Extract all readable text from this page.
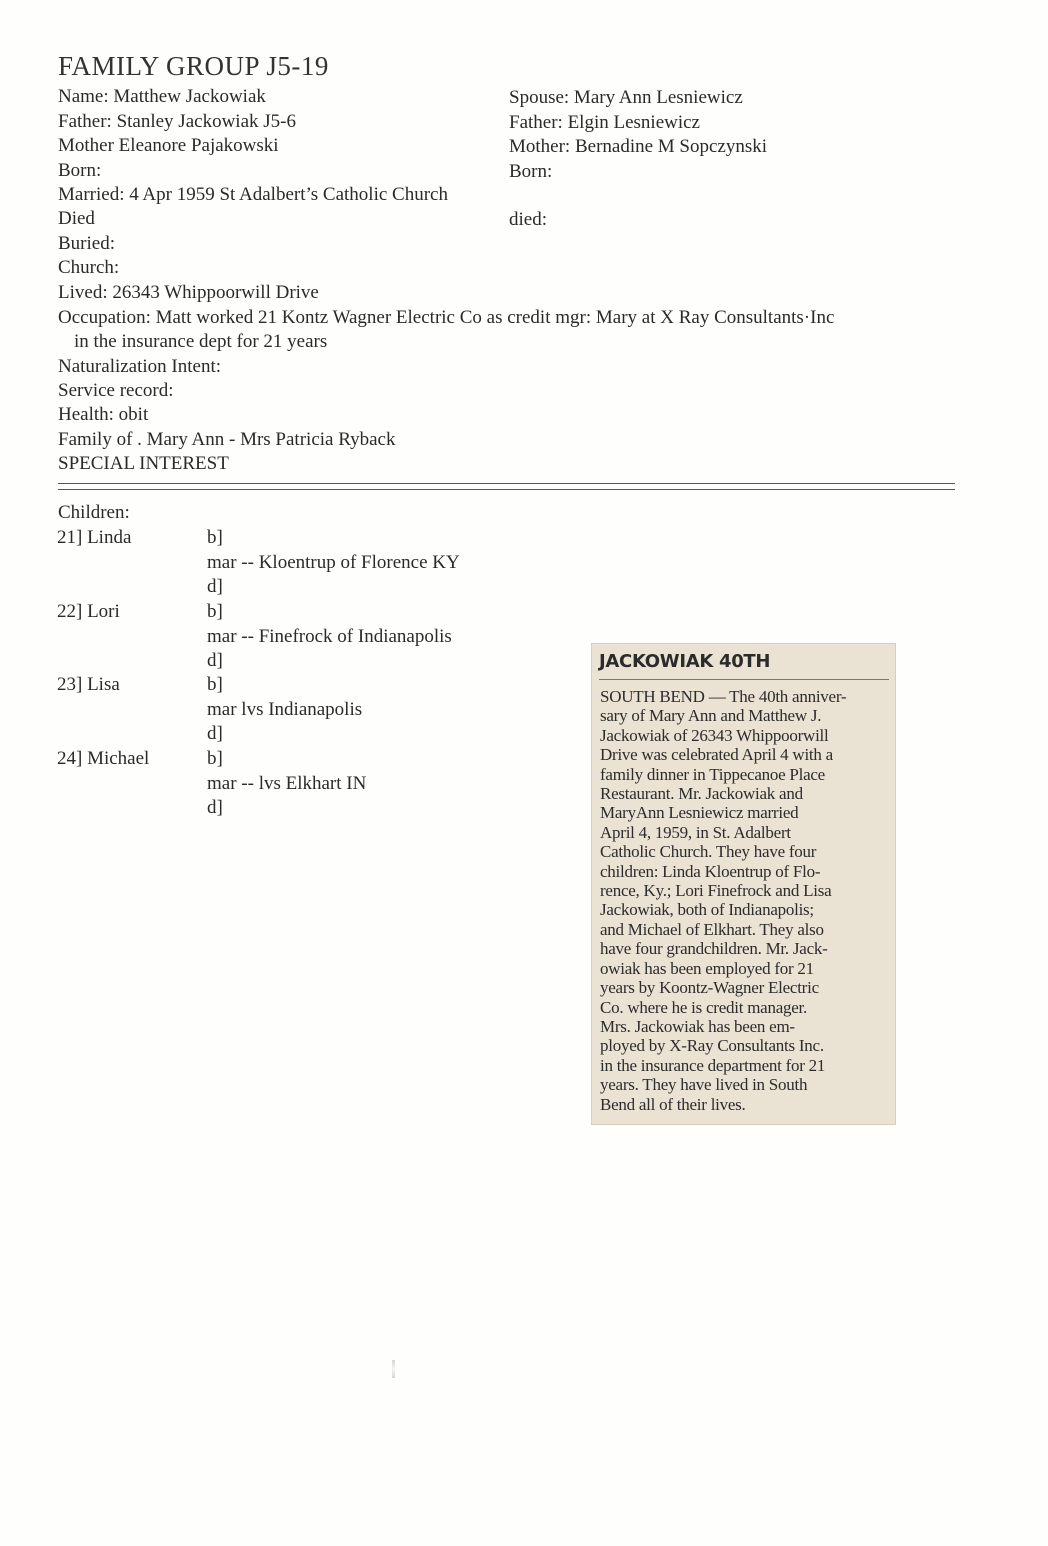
FAMILY GROUP J5-19
Name: Matthew Jackowiak
Father: Stanley Jackowiak J5-6
Mother Eleanore Pajakowski
Born:
Married: 4 Apr 1959 St Adalbert’s Catholic Church
Died
Buried:
Church:
Lived: 26343 Whippoorwill Drive
Occupation: Matt worked 21 Kontz Wagner Electric Co as credit mgr: Mary at X Ray Consultants·Inc
in the insurance dept for 21 years
Naturalization Intent:
Service record:
Health: obit
Family of . Mary Ann - Mrs Patricia Ryback
SPECIAL INTEREST
Spouse: Mary Ann Lesniewicz
Father: Elgin Lesniewicz
Mother: Bernadine M Sopczynski
Born:
died:
Children:
21] Linda	b]
mar -- Kloentrup of Florence KY
d]
22] Lori	b]
mar -- Finefrock of Indianapolis
d]
23] Lisa	b]
mar lvs Indianapolis
d]
24] Michael	b]
mar -- lvs Elkhart IN
d]
JACKOWIAK 40TH
SOUTH BEND — The 40th anniver-
sary of Mary Ann and Matthew J.
Jackowiak of 26343 Whippoorwill
Drive was celebrated April 4 with a
family dinner in Tippecanoe Place
Restaurant. Mr. Jackowiak and
MaryAnn Lesniewicz married
April 4, 1959, in St. Adalbert
Catholic Church. They have four
children: Linda Kloentrup of Flo-
rence, Ky.; Lori Finefrock and Lisa
Jackowiak, both of Indianapolis;
and Michael of Elkhart. They also
have four grandchildren. Mr. Jack-
owiak has been employed for 21
years by Koontz-Wagner Electric
Co. where he is credit manager.
Mrs. Jackowiak has been em-
ployed by X-Ray Consultants Inc.
in the insurance department for 21
years. They have lived in South
Bend all of their lives.
